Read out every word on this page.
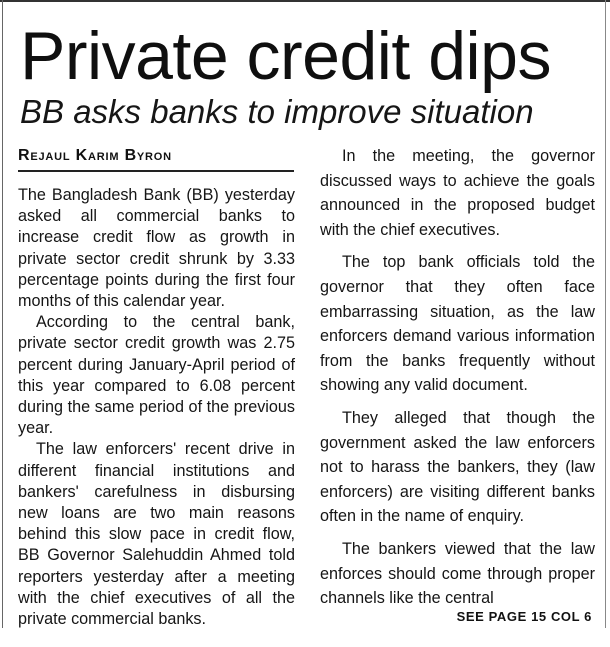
Private credit dips
BB asks banks to improve situation
Rejaul Karim Byron

The Bangladesh Bank (BB) yesterday asked all commercial banks to increase credit flow as growth in private sector credit shrunk by 3.33 percentage points during the first four months of this calendar year.

According to the central bank, private sector credit growth was 2.75 percent during January-April period of this year compared to 6.08 percent during the same period of the previous year.

The law enforcers' recent drive in different financial institutions and bankers' carefulness in disbursing new loans are two main reasons behind this slow pace in credit flow, BB Governor Salehuddin Ahmed told reporters yesterday after a meeting with the chief executives of all the private commercial banks.

In the meeting, the governor discussed ways to achieve the goals announced in the proposed budget with the chief executives.

The top bank officials told the governor that they often face embarrassing situation, as the law enforcers demand various information from the banks frequently without showing any valid document.

They alleged that though the government asked the law enforcers not to harass the bankers, they (law enforcers) are visiting different banks often in the name of enquiry.

The bankers viewed that the law enforces should come through proper channels like the central

SEE PAGE 15 COL 6
